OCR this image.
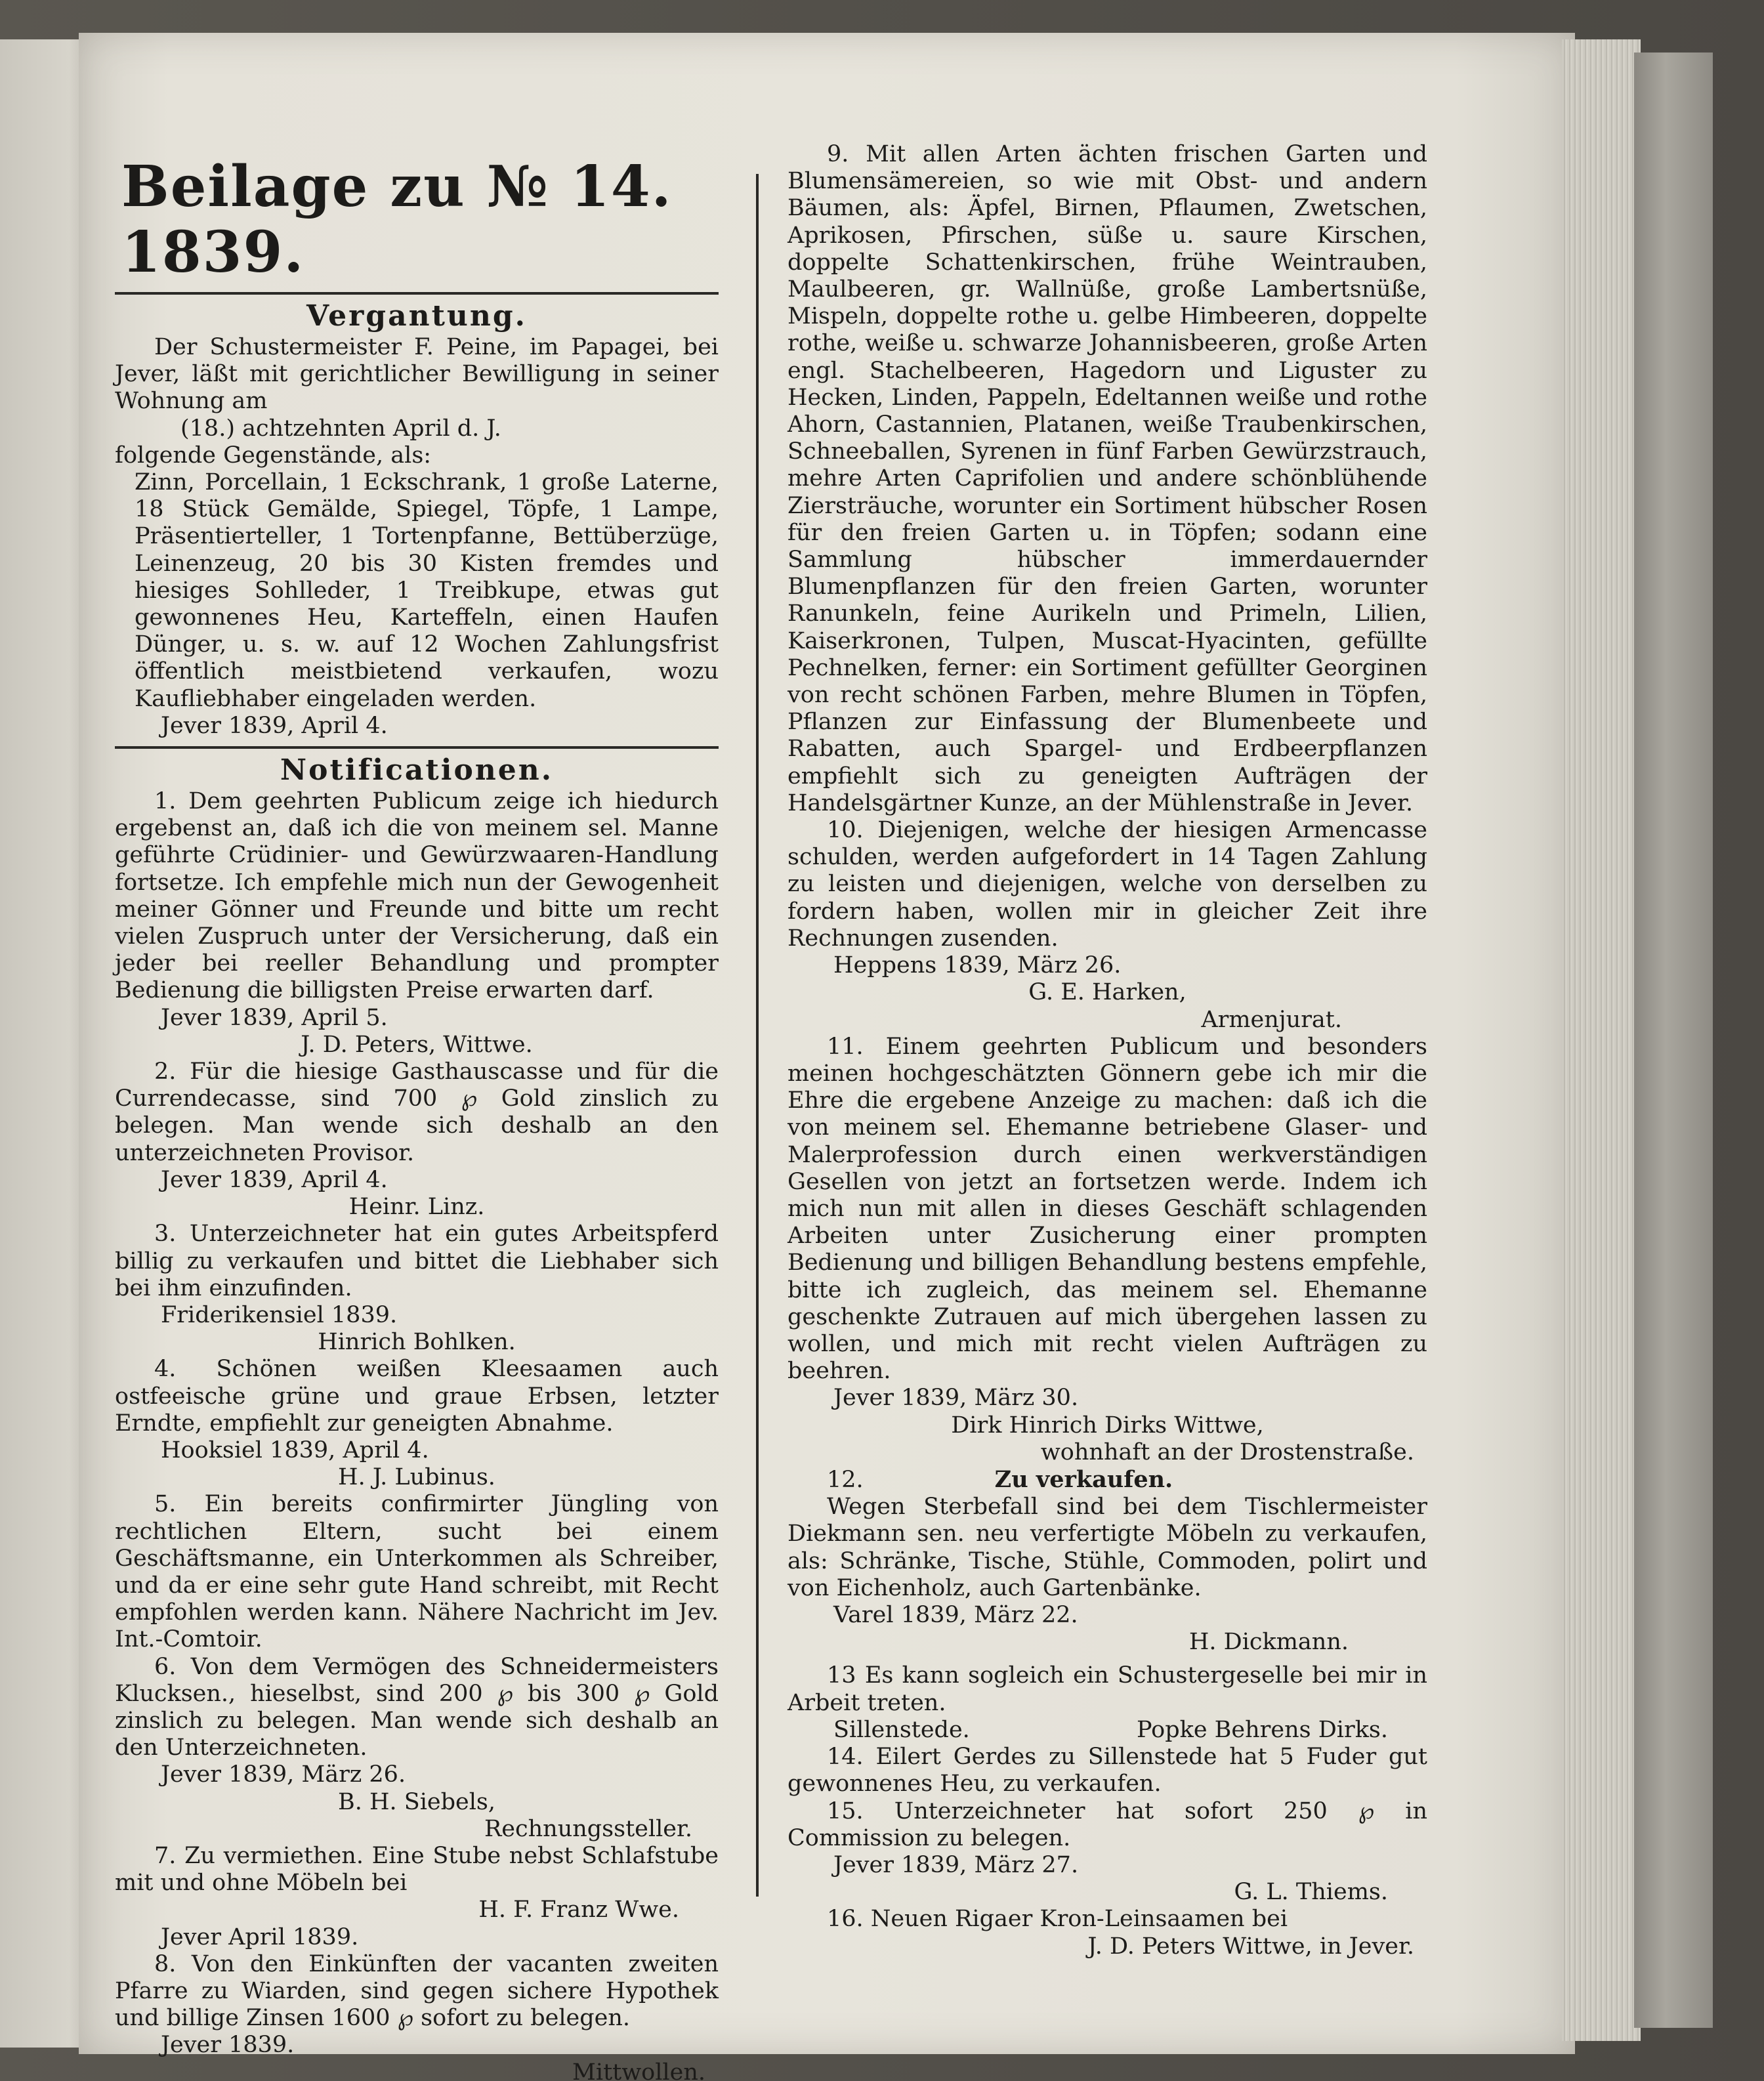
Beilage zu № 14. 1839.
Vergantung.

Der Schustermeister F. Peine, im Papagei, bei Jever, läßt mit gerichtlicher Bewilligung in seiner Wohnung am

(18.) achtzehnten April d. J.

folgende Gegenstände, als:

Zinn, Porcellain, 1 Eckschrank, 1 große Laterne, 18 Stück Gemälde, Spiegel, Töpfe, 1 Lampe, Präsentierteller, 1 Tortenpfanne, Bettüberzüge, Leinenzeug, 20 bis 30 Kisten fremdes und hiesiges Sohlleder, 1 Treibkupe, etwas gut gewonnenes Heu, Karteffeln, einen Haufen Dünger, u. s. w. auf 12 Wochen Zahlungsfrist öffentlich meistbietend verkaufen, wozu Kaufliebhaber eingeladen werden.

Jever 1839, April 4.

Notificationen.

1. Dem geehrten Publicum zeige ich hiedurch ergebenst an, daß ich die von meinem sel. Manne geführte Crüdinier- und Gewürzwaaren-Handlung fortsetze. Ich empfehle mich nun der Gewogenheit meiner Gönner und Freunde und bitte um recht vielen Zuspruch unter der Versicherung, daß ein jeder bei reeller Behandlung und prompter Bedienung die billigsten Preise erwarten darf.

Jever 1839, April 5.

J. D. Peters, Wittwe.

2. Für die hiesige Gasthauscasse und für die Currendecasse, sind 700 ℘ Gold zinslich zu belegen. Man wende sich deshalb an den unterzeichneten Provisor.

Jever 1839, April 4.

Heinr. Linz.

3. Unterzeichneter hat ein gutes Arbeitspferd billig zu verkaufen und bittet die Liebhaber sich bei ihm einzufinden.

Friderikensiel 1839.

Hinrich Bohlken.

4. Schönen weißen Kleesaamen auch ostfeeische grüne und graue Erbsen, letzter Erndte, empfiehlt zur geneigten Abnahme.

Hooksiel 1839, April 4.

H. J. Lubinus.

5. Ein bereits confirmirter Jüngling von rechtlichen Eltern, sucht bei einem Geschäftsmanne, ein Unterkommen als Schreiber, und da er eine sehr gute Hand schreibt, mit Recht empfohlen werden kann. Nähere Nachricht im Jev. Int.-Comtoir.

6. Von dem Vermögen des Schneidermeisters Klucksen., hieselbst, sind 200 ℘ bis 300 ℘ Gold zinslich zu belegen. Man wende sich deshalb an den Unterzeichneten.

Jever 1839, März 26.

B. H. Siebels,

Rechnungssteller.

7. Zu vermiethen. Eine Stube nebst Schlafstube mit und ohne Möbeln bei

H. F. Franz Wwe.

Jever April 1839.

8. Von den Einkünften der vacanten zweiten Pfarre zu Wiarden, sind gegen sichere Hypothek und billige Zinsen 1600 ℘ sofort zu belegen.

Jever 1839.

Mittwollen.

9. Mit allen Arten ächten frischen Garten und Blumensämereien, so wie mit Obst- und andern Bäumen, als: Äpfel, Birnen, Pflaumen, Zwetschen, Aprikosen, Pfirschen, süße u. saure Kirschen, doppelte Schattenkirschen, frühe Weintrauben, Maulbeeren, gr. Wallnüße, große Lambertsnüße, Mispeln, doppelte rothe u. gelbe Himbeeren, doppelte rothe, weiße u. schwarze Johannisbeeren, große Arten engl. Stachelbeeren, Hagedorn und Liguster zu Hecken, Linden, Pappeln, Edeltannen weiße und rothe Ahorn, Castannien, Platanen, weiße Traubenkirschen, Schneeballen, Syrenen in fünf Farben Gewürzstrauch, mehre Arten Caprifolien und andere schönblühende Ziersträuche, worunter ein Sortiment hübscher Rosen für den freien Garten u. in Töpfen; sodann eine Sammlung hübscher immerdauernder Blumenpflanzen für den freien Garten, worunter Ranunkeln, feine Aurikeln und Primeln, Lilien, Kaiserkronen, Tulpen, Muscat-Hyacinten, gefüllte Pechnelken, ferner: ein Sortiment gefüllter Georginen von recht schönen Farben, mehre Blumen in Töpfen, Pflanzen zur Einfassung der Blumenbeete und Rabatten, auch Spargel- und Erdbeerpflanzen empfiehlt sich zu geneigten Aufträgen der Handelsgärtner Kunze, an der Mühlenstraße in Jever.

10. Diejenigen, welche der hiesigen Armencasse schulden, werden aufgefordert in 14 Tagen Zahlung zu leisten und diejenigen, welche von derselben zu fordern haben, wollen mir in gleicher Zeit ihre Rechnungen zusenden.

Heppens 1839, März 26.

G. E. Harken,

Armenjurat.

11. Einem geehrten Publicum und besonders meinen hochgeschätzten Gönnern gebe ich mir die Ehre die ergebene Anzeige zu machen: daß ich die von meinem sel. Ehemanne betriebene Glaser- und Malerprofession durch einen werkverständigen Gesellen von jetzt an fortsetzen werde. Indem ich mich nun mit allen in dieses Geschäft schlagenden Arbeiten unter Zusicherung einer prompten Bedienung und billigen Behandlung bestens empfehle, bitte ich zugleich, das meinem sel. Ehemanne geschenkte Zutrauen auf mich übergehen lassen zu wollen, und mich mit recht vielen Aufträgen zu beehren.

Jever 1839, März 30.

Dirk Hinrich Dirks Wittwe,

wohnhaft an der Drostenstraße.

12.	Zu verkaufen.

Wegen Sterbefall sind bei dem Tischlermeister Diekmann sen. neu verfertigte Möbeln zu verkaufen, als: Schränke, Tische, Stühle, Commoden, polirt und von Eichenholz, auch Gartenbänke.

Varel 1839, März 22.

H. Dickmann.

13 Es kann sogleich ein Schustergeselle bei mir in Arbeit treten.

Sillenstede.	Popke Behrens Dirks.

14. Eilert Gerdes zu Sillenstede hat 5 Fuder gut gewonnenes Heu, zu verkaufen.

15. Unterzeichneter hat sofort 250 ℘ in Commission zu belegen.

Jever 1839, März 27.

G. L. Thiems.

16. Neuen Rigaer Kron-Leinsaamen bei

J. D. Peters Wittwe, in Jever.
